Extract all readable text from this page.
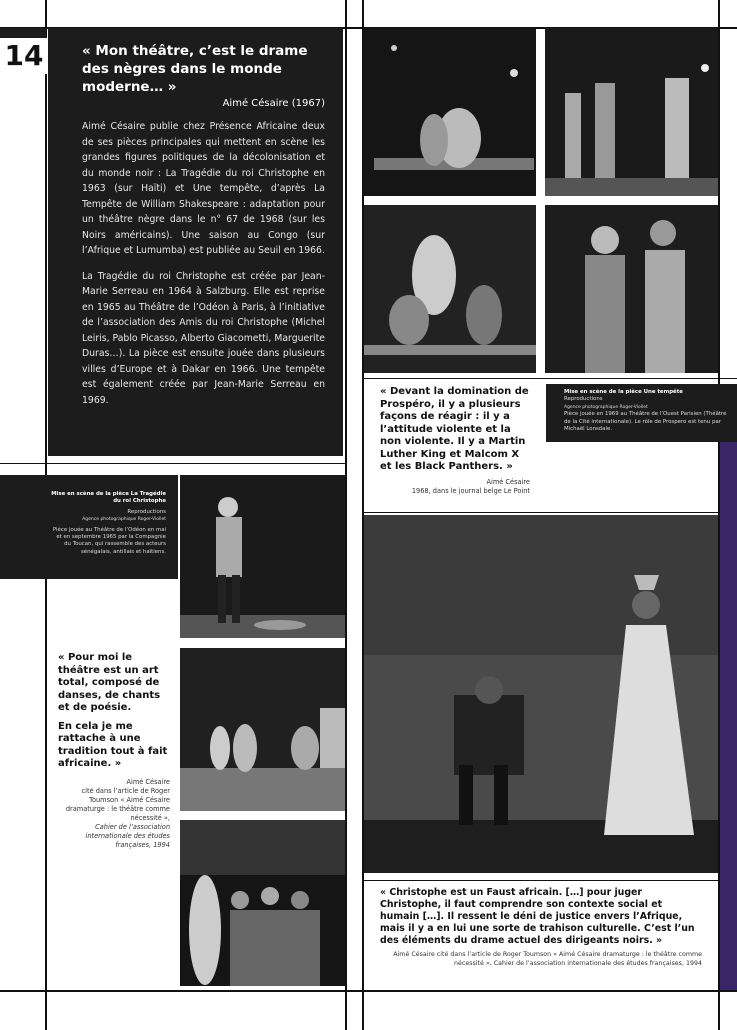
14	« Mon théâtre, c’est le drame des nègres dans le monde moderne… »
Aimé Césaire (1967)

Aimé Césaire publie chez Présence Africaine deux de ses pièces principales qui mettent en scène les grandes figures politiques de la décolonisation et du monde noir : La Tragédie du roi Christophe en 1963 (sur Haïti) et Une tempête, d’après La Tempête de William Shakespeare : adaptation pour un théâtre nègre dans le n° 67 de 1968 (sur les Noirs américains). Une saison au Congo (sur l’Afrique et Lumumba) est publiée au Seuil en 1966.

La Tragédie du roi Christophe est créée par Jean-Marie Serreau en 1964 à Salzburg. Elle est reprise en 1965 au Théâtre de l’Odéon à Paris, à l’initiative de l’association des Amis du roi Christophe (Michel Leiris, Pablo Picasso, Alberto Giacometti, Marguerite Duras…). La pièce est ensuite jouée dans plusieurs villes d’Europe et à Dakar en 1966. Une tempête est également créée par Jean-Marie Serreau en 1969.

« Devant la domination de Prospéro, il y a plusieurs façons de réagir : il y a l’attitude violente et la non violente. Il y a Martin Luther King et Malcom X et les Black Panthers. »
Aimé Césaire
1968, dans le journal belge Le Point
Mise en scène de la pièce Une tempête
Reproductions
Agence photographique Roger-Viollet
Pièce jouée en 1969 au Théâtre de l’Ouest Parisien (Théâtre de la Cité internationale). Le rôle de Prospero est tenu par Michaël Lonsdale.
Mise en scène de la pièce La Tragédie du roi Christophe
Reproductions
Agence photographique Roger-Viollet
Pièce jouée au Théâtre de l’Odéon en mai et en septembre 1965 par la Compagnie du Toucan, qui rassemble des acteurs sénégalais, antillais et haïtiens.
« Pour moi le théâtre est un art total, composé de danses, de chants et de poésie.
En cela je me rattache à une tradition tout à fait africaine. »
Aimé Césaire
cité dans l’article de Roger Toumson « Aimé Césaire dramaturge : le théâtre comme nécessité »,
Cahier de l’association internationale des études françaises, 1994
« Christophe est un Faust africain. […] pour juger Christophe, il faut comprendre son contexte social et humain […]. Il ressent le déni de justice envers l’Afrique, mais il y a en lui une sorte de trahison culturelle. C’est l’un des éléments du drame actuel des dirigeants noirs. »
Aimé Césaire cité dans l’article de Roger Toumson « Aimé Césaire dramaturge : le théâtre comme nécessité », Cahier de l’association internationale des études françaises, 1994
